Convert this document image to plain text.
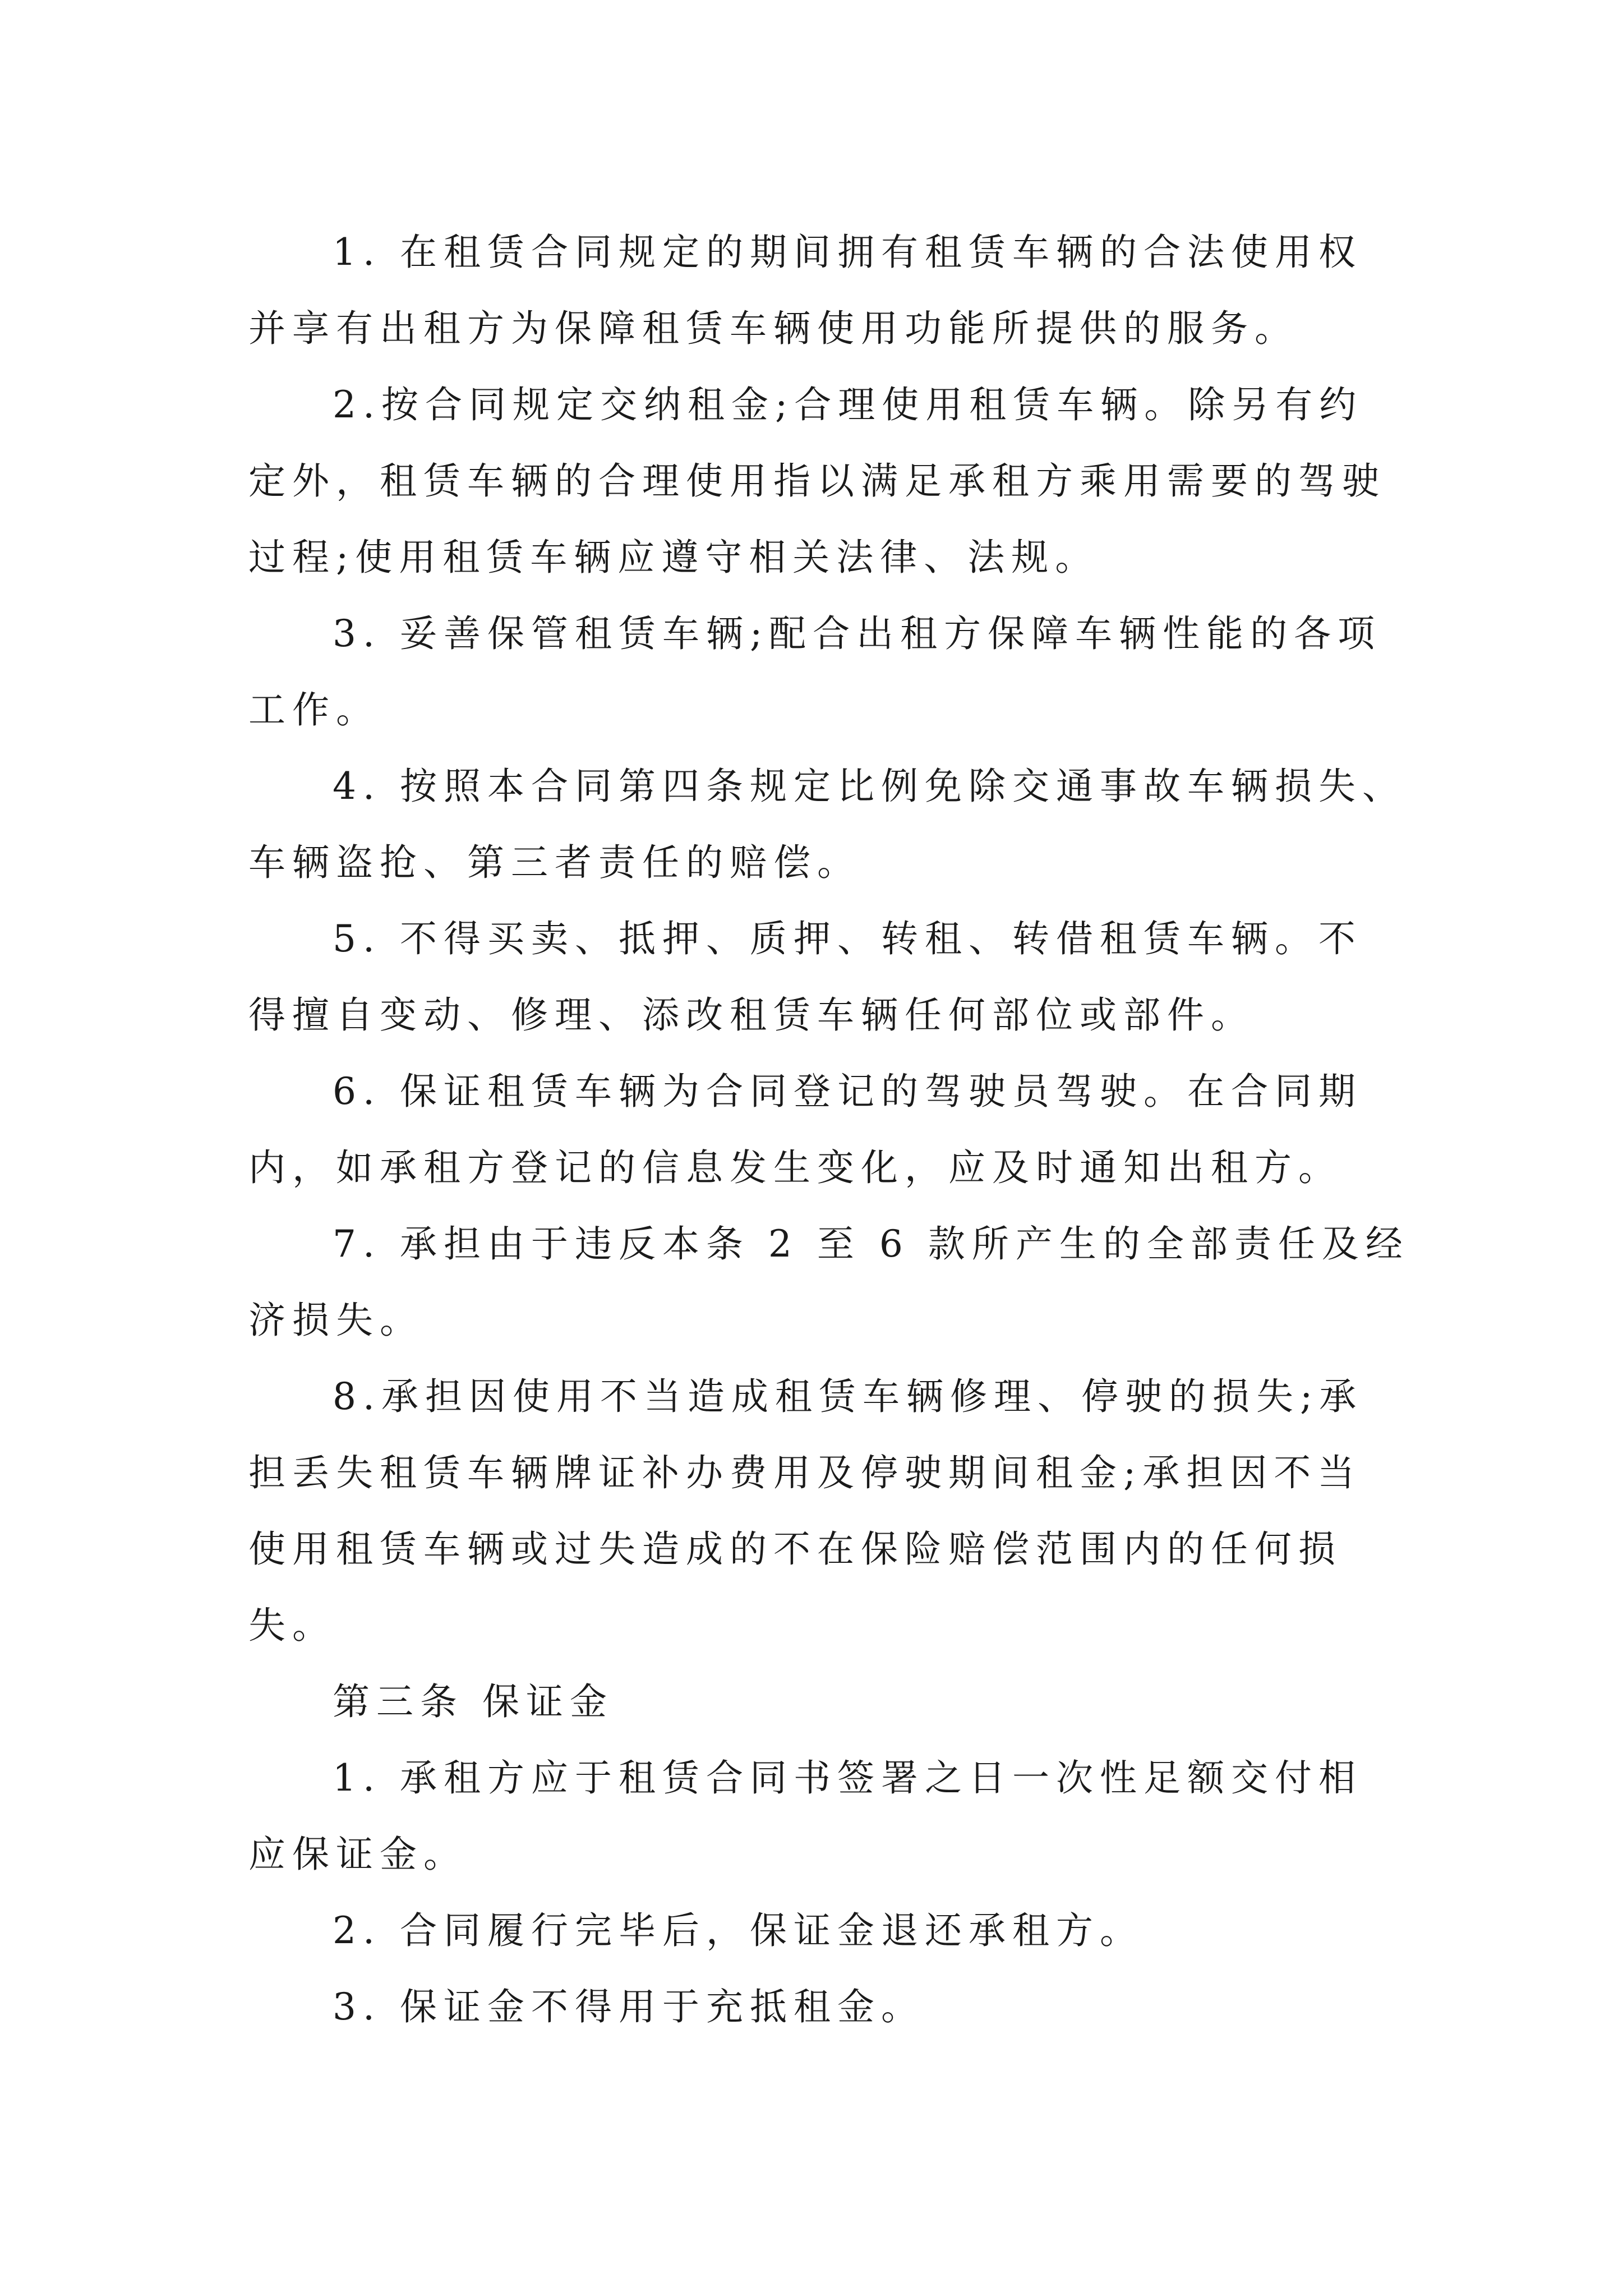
1. 在租赁合同规定的期间拥有租赁车辆的合法使用权
并享有出租方为保障租赁车辆使用功能所提供的服务。
2.按合同规定交纳租金;合理使用租赁车辆。除另有约
定外，租赁车辆的合理使用指以满足承租方乘用需要的驾驶
过程;使用租赁车辆应遵守相关法律、法规。
3. 妥善保管租赁车辆;配合出租方保障车辆性能的各项
工作。
4. 按照本合同第四条规定比例免除交通事故车辆损失、
车辆盗抢、第三者责任的赔偿。
5. 不得买卖、抵押、质押、转租、转借租赁车辆。不
得擅自变动、修理、添改租赁车辆任何部位或部件。
6. 保证租赁车辆为合同登记的驾驶员驾驶。在合同期
内，如承租方登记的信息发生变化，应及时通知出租方。
7. 承担由于违反本条 2 至 6 款所产生的全部责任及经
济损失。
8.承担因使用不当造成租赁车辆修理、停驶的损失;承
担丢失租赁车辆牌证补办费用及停驶期间租金;承担因不当
使用租赁车辆或过失造成的不在保险赔偿范围内的任何损
失。
第三条 保证金
1. 承租方应于租赁合同书签署之日一次性足额交付相
应保证金。
2. 合同履行完毕后，保证金退还承租方。
3. 保证金不得用于充抵租金。
